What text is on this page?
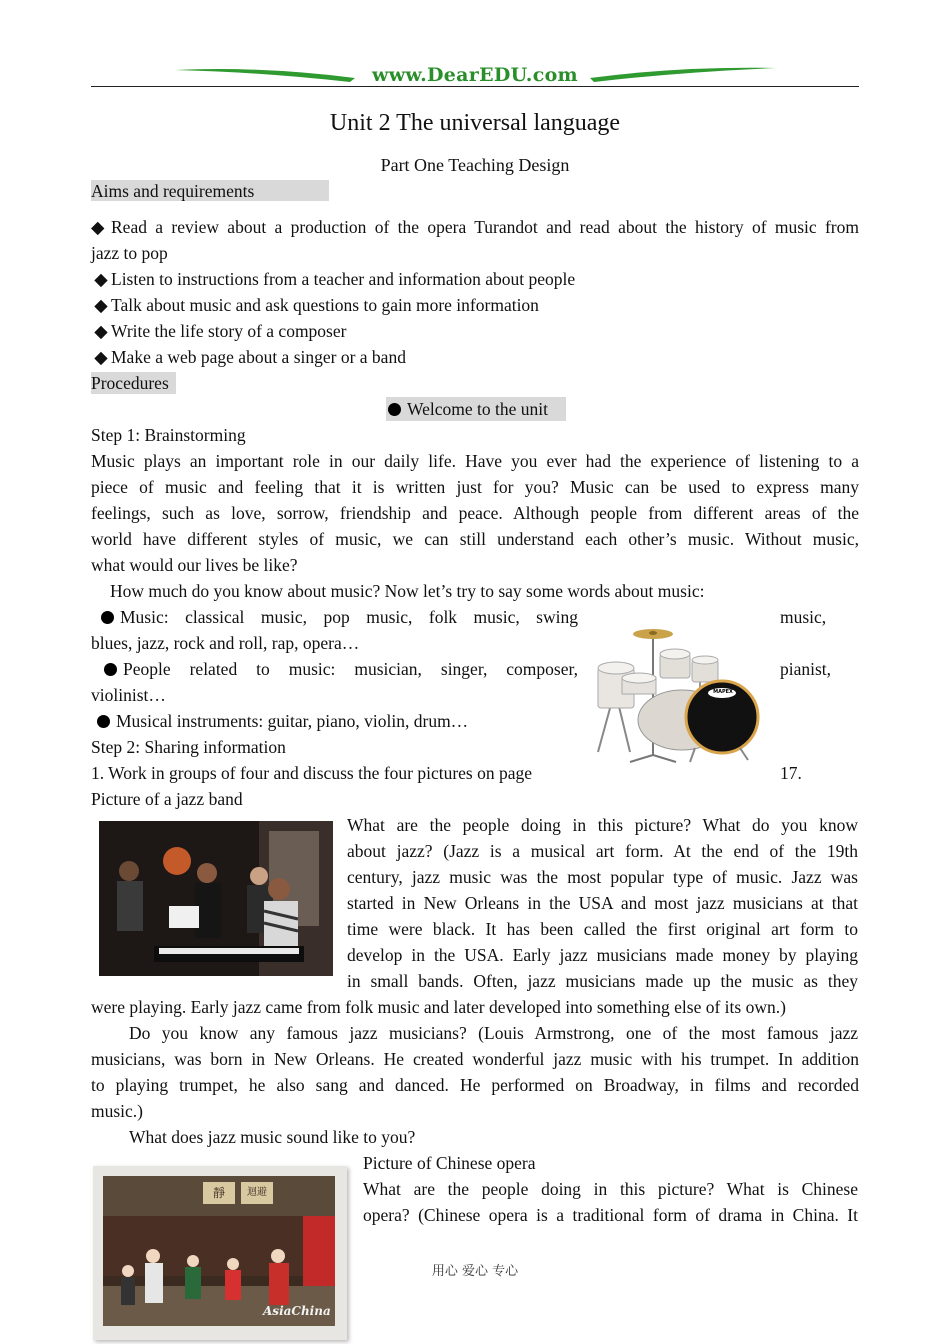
www.DearEDU.com
Unit 2 The universal language
Part One Teaching Design
Aims and requirements
◆ Read a review about a production of the opera Turandot and read about the history of music from
jazz to pop
◆ Listen to instructions from a teacher and information about people
◆ Talk about music and ask questions to gain more information
◆ Write the life story of a composer
◆ Make a web page about a singer or a band
Procedures
Welcome to the unit
Step 1: Brainstorming
Music plays an important role in our daily life. Have you ever had the experience of listening to a
piece of music and feeling that it is written just for you? Music can be used to express many
feelings, such as love, sorrow, friendship and peace. Although people from different areas of the
world have different styles of music, we can still understand each other’s music. Without music,
what would our lives be like?
How much do you know about music? Now let’s try to say some words about music:
Music: classical music, pop music, folk music, swing	music,
blues, jazz, rock and roll, rap, opera…
People related to music: musician, singer, composer,	pianist,
violinist…
Musical instruments: guitar, piano, violin, drum…
Step 2: Sharing information
1. Work in groups of four and discuss the four pictures on page	17.
MAPEX
Picture of a jazz band
What are the people doing in this picture? What do you know
about jazz? (Jazz is a musical art form. At the end of the 19th
century, jazz music was the most popular type of music. Jazz was
started in New Orleans in the USA and most jazz musicians at that
time were black. It has been called the first original art form to
develop in the USA. Early jazz musicians made money by playing
in small bands. Often, jazz musicians made up the music as they
were playing. Early jazz came from folk music and later developed into something else of its own.)
Do you know any famous jazz musicians? (Louis Armstrong, one of the most famous jazz
musicians, was born in New Orleans. He created wonderful jazz music with his trumpet. In addition
to playing trumpet, he also sang and danced. He performed on Broadway, in films and recorded
music.)
What does jazz music sound like to you?
靜	迴避
AsiaChina
Picture of Chinese opera
What are the people doing in this picture? What is Chinese
opera? (Chinese opera is a traditional form of drama in China. It
用心 爱心 专心
